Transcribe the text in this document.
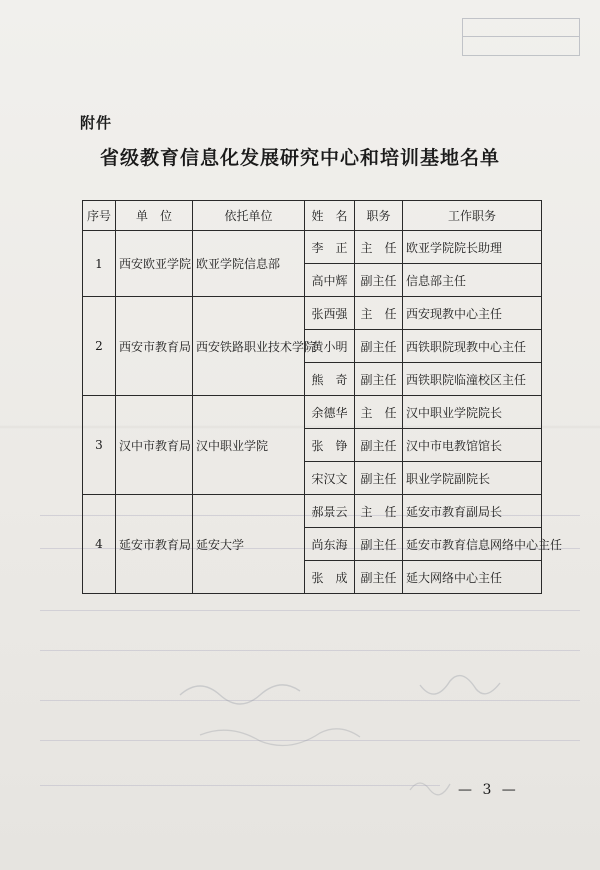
附件
省级教育信息化发展研究中心和培训基地名单
序号	单　位	依托单位	姓　名	职务	工作职务
1	西安欧亚学院	欧亚学院信息部	李　正	主　任	欧亚学院院长助理
			高中辉	副主任	信息部主任
2	西安市教育局	西安铁路职业技术学院	张西强	主　任	西安现教中心主任
			黄小明	副主任	西铁职院现教中心主任
			熊　奇	副主任	西铁职院临潼校区主任
3	汉中市教育局	汉中职业学院	余德华	主　任	汉中职业学院院长
			张　铮	副主任	汉中市电教馆馆长
			宋汉文	副主任	职业学院副院长
4	延安市教育局	延安大学	郝景云	主　任	延安市教育副局长
			尚东海	副主任	延安市教育信息网络中心主任
			张　成	副主任	延大网络中心主任
— 3 —
